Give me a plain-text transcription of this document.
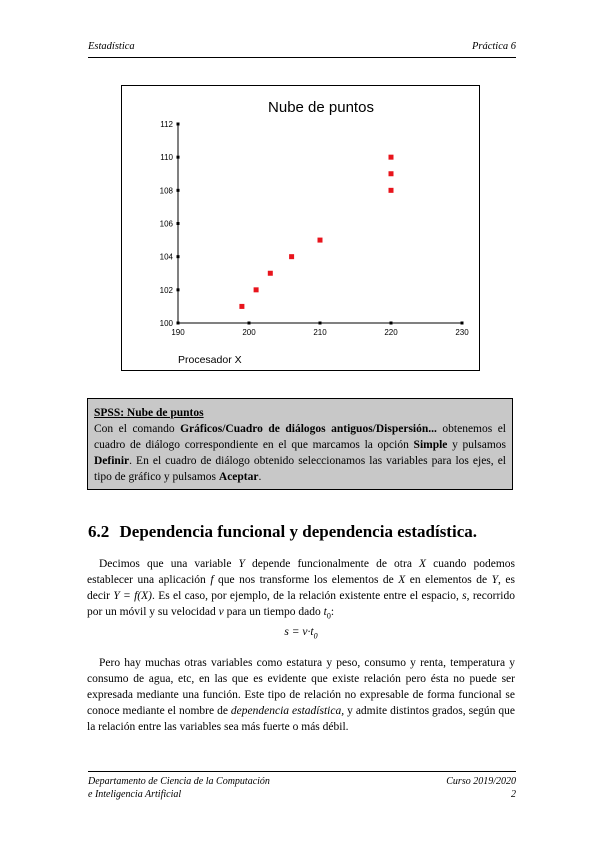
Estadística	Práctica 6
Nube de puntos
100
102
104
106
108
110
112
190	200	210	220	230
Procesador X
SPSS: Nube de puntos
Con el comando Gráficos/Cuadro de diálogos antiguos/Dispersión... obtenemos el cuadro de diálogo correspondiente en el que marcamos la opción Simple y pulsamos Definir. En el cuadro de diálogo obtenido seleccionamos las variables para los ejes, el tipo de gráfico y pulsamos Aceptar.
6.2 Dependencia funcional y dependencia estadística.

Decimos que una variable Y depende funcionalmente de otra X cuando podemos establecer una aplicación f que nos transforme los elementos de X en elementos de Y, es decir Y = f(X). Es el caso, por ejemplo, de la relación existente entre el espacio, s, recorrido por un móvil y su velocidad v para un tiempo dado $t_0$:

$s = v\cdot t_0$

Pero hay muchas otras variables como estatura y peso, consumo y renta, temperatura y consumo de agua, etc, en las que es evidente que existe relación pero ésta no puede ser expresada mediante una función. Este tipo de relación no expresable de forma funcional se conoce mediante el nombre de dependencia estadística, y admite distintos grados, según que la relación entre las variables sea más fuerte o más débil.

Departamento de Ciencia de la Computación
e Inteligencia Artificial
Curso 2019/2020
2
